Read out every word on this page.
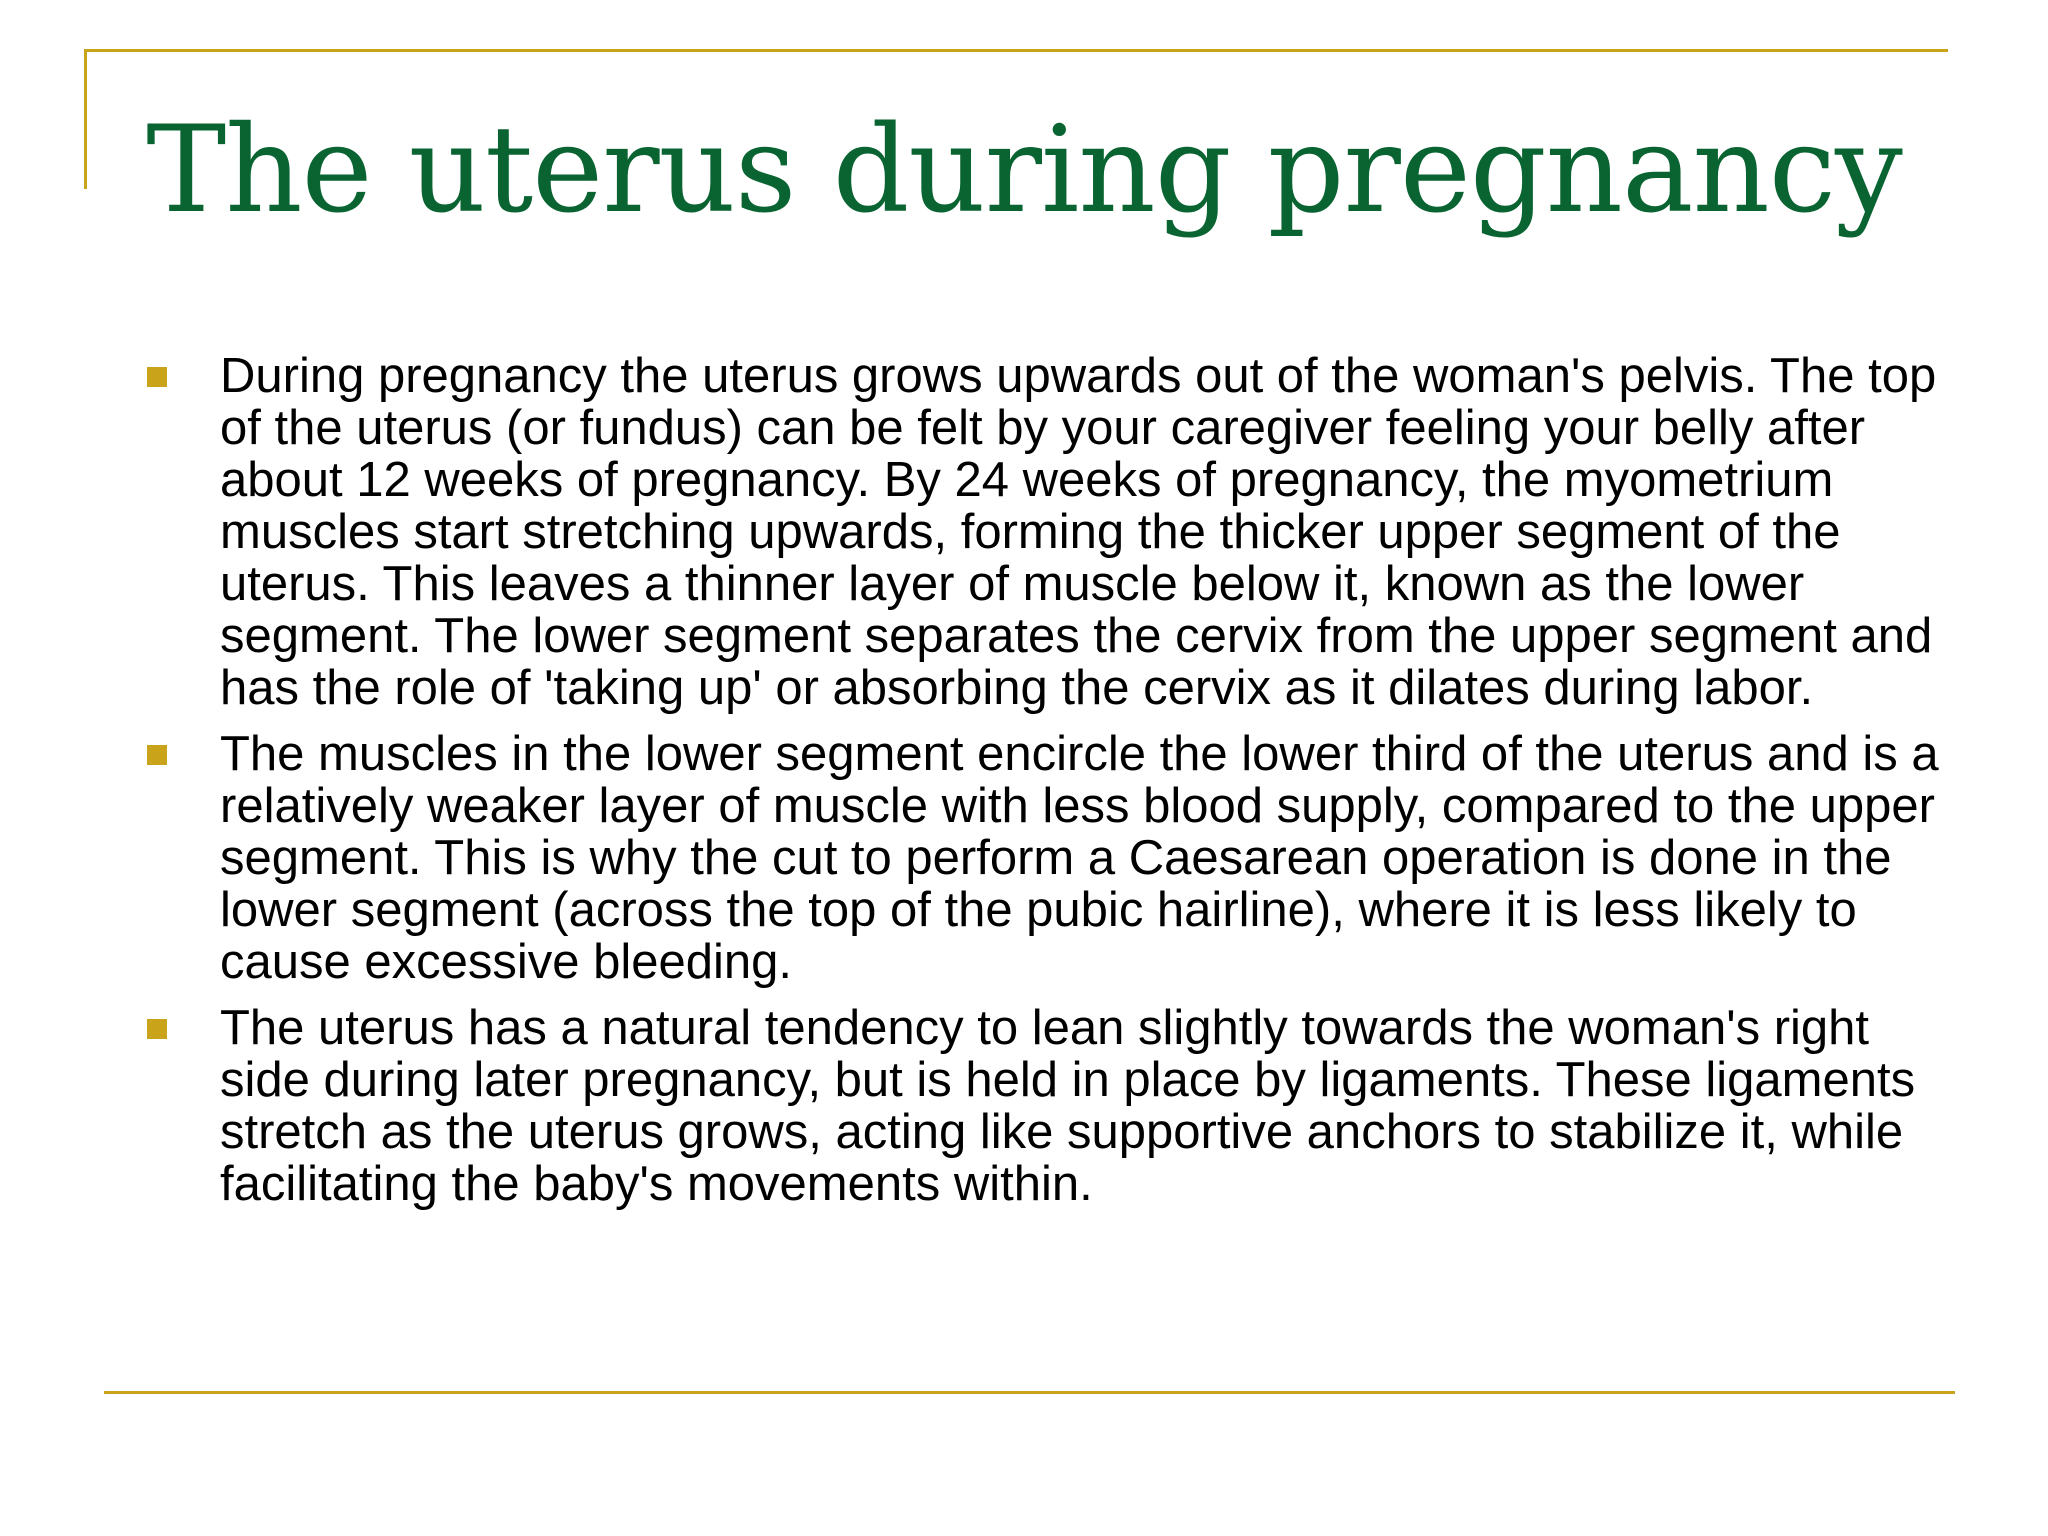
The uterus during pregnancy
During pregnancy the uterus grows upwards out of the woman's pelvis. The top of the uterus (or fundus) can be felt by your caregiver feeling your belly after about 12 weeks of pregnancy. By 24 weeks of pregnancy, the myometrium muscles start stretching upwards, forming the thicker upper segment of the uterus. This leaves a thinner layer of muscle below it, known as the lower segment. The lower segment separates the cervix from the upper segment and has the role of 'taking up' or absorbing the cervix as it dilates during labor.
The muscles in the lower segment encircle the lower third of the uterus and is a relatively weaker layer of muscle with less blood supply, compared to the upper segment. This is why the cut to perform a Caesarean operation is done in the lower segment (across the top of the pubic hairline), where it is less likely to cause excessive bleeding.
The uterus has a natural tendency to lean slightly towards the woman's right side during later pregnancy, but is held in place by ligaments. These ligaments stretch as the uterus grows, acting like supportive anchors to stabilize it, while facilitating the baby's movements within.
